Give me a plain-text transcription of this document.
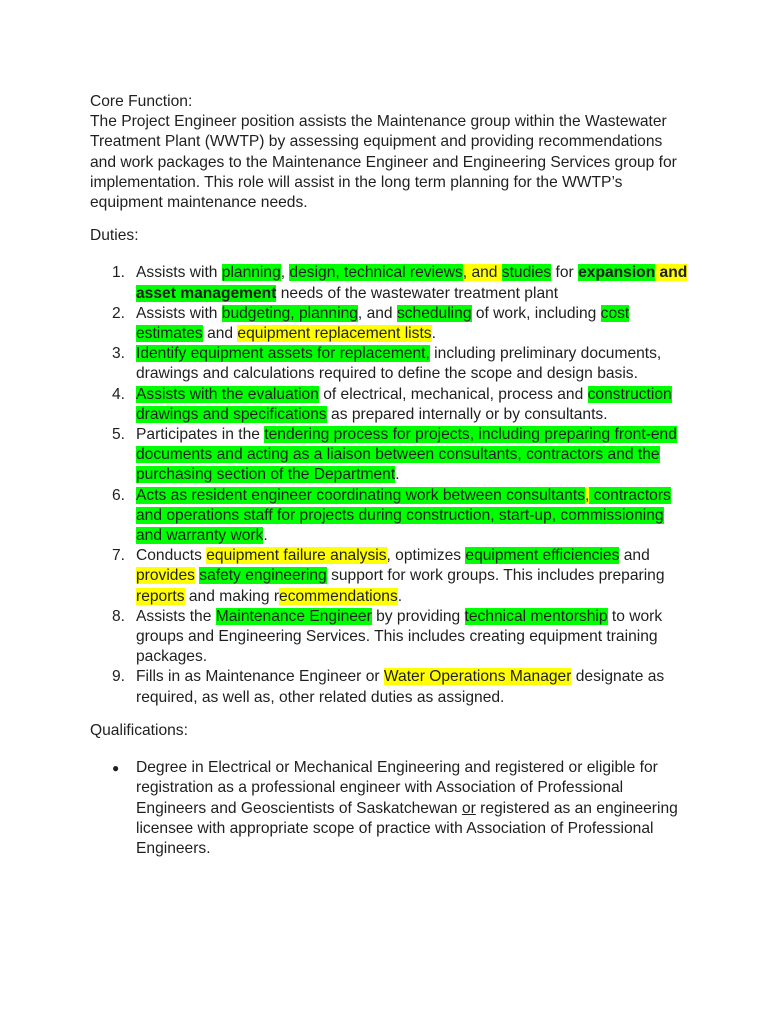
Core Function:

The Project Engineer position assists the Maintenance group within the Wastewater Treatment Plant (WWTP) by assessing equipment and providing recommendations and work packages to the Maintenance Engineer and Engineering Services group for implementation. This role will assist in the long term planning for the WWTP’s equipment maintenance needs.

Duties:

1. Assists with planning, design, technical reviews, and studies for expansion and asset management needs of the wastewater treatment plant
2. Assists with budgeting, planning, and scheduling of work, including cost estimates and equipment replacement lists.
3. Identify equipment assets for replacement, including preliminary documents, drawings and calculations required to define the scope and design basis.
4. Assists with the evaluation of electrical, mechanical, process and construction drawings and specifications as prepared internally or by consultants.
5. Participates in the tendering process for projects, including preparing front-end documents and acting as a liaison between consultants, contractors and the purchasing section of the Department.
6. Acts as resident engineer coordinating work between consultants, contractors and operations staff for projects during construction, start-up, commissioning and warranty work.
7. Conducts equipment failure analysis, optimizes equipment efficiencies and provides safety engineering support for work groups. This includes preparing reports and making recommendations.
8. Assists the Maintenance Engineer by providing technical mentorship to work groups and Engineering Services. This includes creating equipment training packages.
9. Fills in as Maintenance Engineer or Water Operations Manager designate as required, as well as, other related duties as assigned.

Qualifications:

● Degree in Electrical or Mechanical Engineering and registered or eligible for registration as a professional engineer with Association of Professional Engineers and Geoscientists of Saskatchewan or registered as an engineering licensee with appropriate scope of practice with Association of Professional Engineers.
